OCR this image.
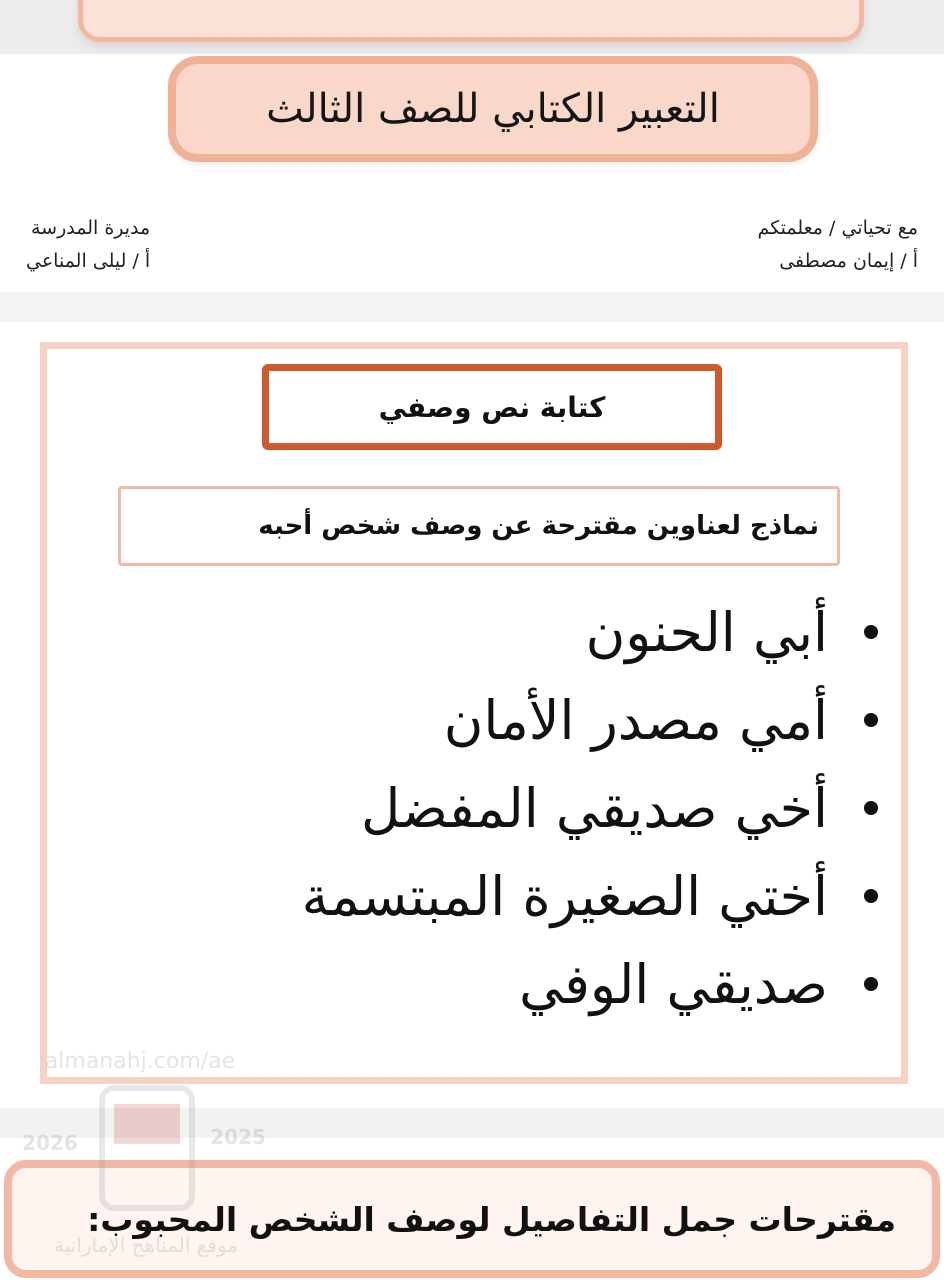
التعبير الكتابي للصف الثالث
مع تحياتي / معلمتكم
أ / إيمان مصطفى
مديرة المدرسة
أ / ليلى المناعي
كتابة نص وصفي
نماذج لعناوين مقترحة عن وصف شخص أحبه
أبي الحنون
أمي مصدر الأمان
أخي صديقي المفضل
أختي الصغيرة المبتسمة
صديقي الوفي
مقترحات جمل التفاصيل لوصف الشخص المحبوب:
almanahj.com/ae
2026	2025
موقع المناهج الإماراتية
